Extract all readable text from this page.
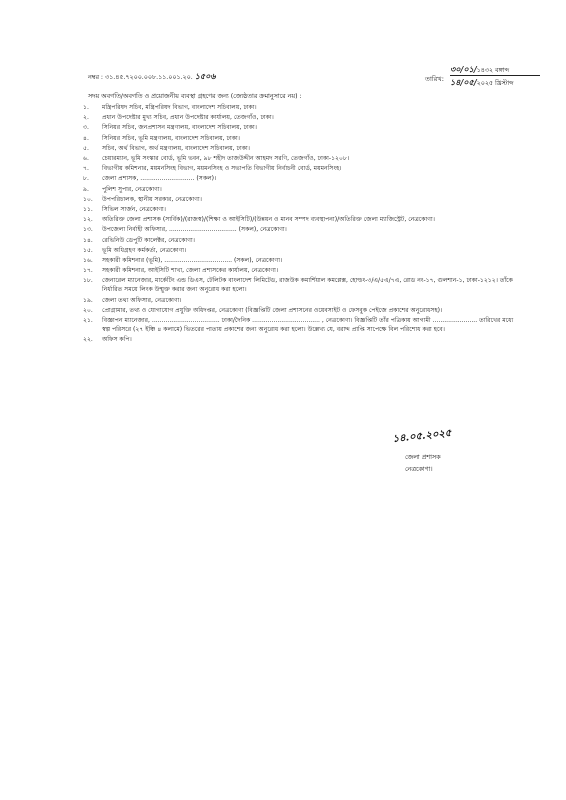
নম্বর : ৩১.৪৫.৭২০০.০০৮.১১.০০১.২০. ১৫০৬	তারিখ:
৩০/০১/১৪৩২ বঙ্গাব্দ
১৪/০৫/২০২৫ খ্রিস্টাব্দ
সদয় অবগতি/অবগতি ও প্রয়োজনীয় ব্যবস্থা গ্রহণের জন্য (জ্যেষ্ঠতার ক্রমানুসারে নয়) :
১.	মন্ত্রিপরিষদ সচিব, মন্ত্রিপরিষদ বিভাগ, বাংলাদেশ সচিবালয়, ঢাকা।
২.	প্রধান উপদেষ্টার মুখ্য সচিব, প্রধান উপদেষ্টার কার্যালয়, তেজগাঁও, ঢাকা।
৩.	সিনিয়র সচিব, জনপ্রশাসন মন্ত্রণালয়, বাংলাদেশ সচিবালয়, ঢাকা।
৪.	সিনিয়র সচিব, ভূমি মন্ত্রণালয়, বাংলাদেশ সচিবালয়, ঢাকা।
৫.	সচিব, অর্থ বিভাগ, অর্থ মন্ত্রণালয়, বাংলাদেশ সচিবালয়, ঢাকা।
৬.	চেয়ারম্যান, ভূমি সংস্কার বোর্ড, ভূমি ভবন, ৯৮ শহীদ তাজউদ্দীন আহমদ সরণি, তেজগাঁও, ঢাকা-১২০৮।
৭.	বিভাগীয় কমিশনার, ময়মনসিংহ বিভাগ, ময়মনসিংহ ও সভাপতি বিভাগীয় নির্বাচনী বোর্ড, ময়মনসিংহ।
৮.	জেলা প্রশাসক, ............................ (সকল)।
৯.	পুলিশ সুপার, নেত্রকোণা।
১০.	উপপরিচালক, স্থানীয় সরকার, নেত্রকোণা।
১১.	সিভিল সার্জন, নেত্রকোণা।
১২.	অতিরিক্ত জেলা প্রশাসক (সার্বিক)/(রাজস্ব)/(শিক্ষা ও আইসিটি)/(উন্নয়ন ও মানব সম্পদ ব্যবস্থাপনা)/অতিরিক্ত জেলা ম্যাজিস্ট্রেট, নেত্রকোণা।
১৩.	উপজেলা নির্বাহী অফিসার, ................................... (সকল), নেত্রকোণা।
১৪.	রেভিনিউ ডেপুটি কালেক্টর, নেত্রকোণা।
১৫.	ভূমি অধিগ্রহণ কর্মকর্তা, নেত্রকোণা।
১৬.	সহকারী কমিশনার (ভূমি), ................................... (সকল), নেত্রকোণা।
১৭.	সহকারী কমিশনার, আইসিটি শাখা, জেলা প্রশাসকের কার্যালয়, নেত্রকোণা।
১৮.	জেনারেল ম্যানেজার, মার্কেটিং এন্ড ডিএস, টেলিটক বাংলাদেশ লিমিটেড, রাজউক কমার্শিয়াল কমপ্লেক্স, হোল্ডং-৩/এ/৫এ/৭এ, রোড নং-১৭, গুলশান-১, ঢাকা-১২১২। তাঁকে নির্ধারিত সময়ে লিংক উন্মুক্ত করার জন্য অনুরোধ করা হলো।
১৯.	জেলা তথ্য অফিসার, নেত্রকোণা।
২০.	প্রোগ্রামার, তথ্য ও যোগাযোগ প্রযুক্তি অধিদপ্তর, নেত্রকোণা (বিজ্ঞপ্তিটি জেলা প্রশাসনের ওয়েবসাইট ও ফেসবুক পেইজে প্রকাশের অনুরোধসহ)।
২১.	বিজ্ঞাপন ম্যানেজার, ................................... ঢাকা/দৈনিক ................................... , নেত্রকোণা। বিজ্ঞপ্তিটি তাঁর পত্রিকায় আগামী ....................... তারিখের মধ্যে স্বল্প পরিসরে (২৭ ইঞ্চি ৪ কলামে) ভিতরের পাতায় প্রকাশের জন্য অনুরোধ করা হলো। উল্লেখ্য যে, বরাদ্দ প্রাপ্তি সাপেক্ষে বিল পরিশোধ করা হবে।
২২.	অফিস কপি।
১৪.০৫.২০২৫
জেলা প্রশাসক
নেত্রকোণা।
